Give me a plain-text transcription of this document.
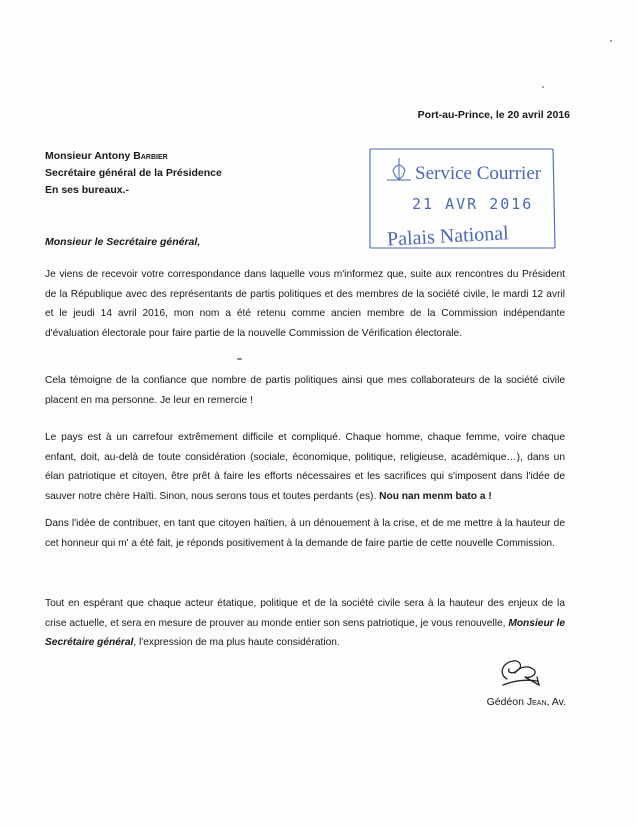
Port-au-Prince, le 20 avril 2016
Monsieur Antony Barbier
Secrétaire général de la Présidence
En ses bureaux.-
Service Courrier
21 AVR 2016
Palais National
Monsieur le Secrétaire général,
Je viens de recevoir votre correspondance dans laquelle vous m'informez que, suite aux rencontres du Président de la République avec des représentants de partis politiques et des membres de la société civile, le mardi 12 avril et le jeudi 14 avril 2016, mon nom a été retenu comme ancien membre de la Commission indépendante d'évaluation électorale pour faire partie de la nouvelle Commission de Vérification électorale.
Cela témoigne de la confiance que nombre de partis politiques ainsi que mes collaborateurs de la société civile placent en ma personne. Je leur en remercie !
Le pays est à un carrefour extrêmement difficile et compliqué. Chaque homme, chaque femme, voire chaque enfant, doit, au-delà de toute considération (sociale, économique, politique, religieuse, académique…), dans un élan patriotique et citoyen, être prêt à faire les efforts nécessaires et les sacrifices qui s'imposent dans l'idée de sauver notre chère Haïti. Sinon, nous serons tous et toutes perdants (es). Nou nan menm bato a !
Dans l'idée de contribuer, en tant que citoyen haïtien, à un dénouement à la crise, et de me mettre à la hauteur de cet honneur qui m' a été fait, je réponds positivement à la demande de faire partie de cette nouvelle Commission.
Tout en espérant que chaque acteur étatique, politique et de la société civile sera à la hauteur des enjeux de la crise actuelle, et sera en mesure de prouver au monde entier son sens patriotique, je vous renouvelle, Monsieur le Secrétaire général, l'expression de ma plus haute considération.
Gédéon Jean, Av.
